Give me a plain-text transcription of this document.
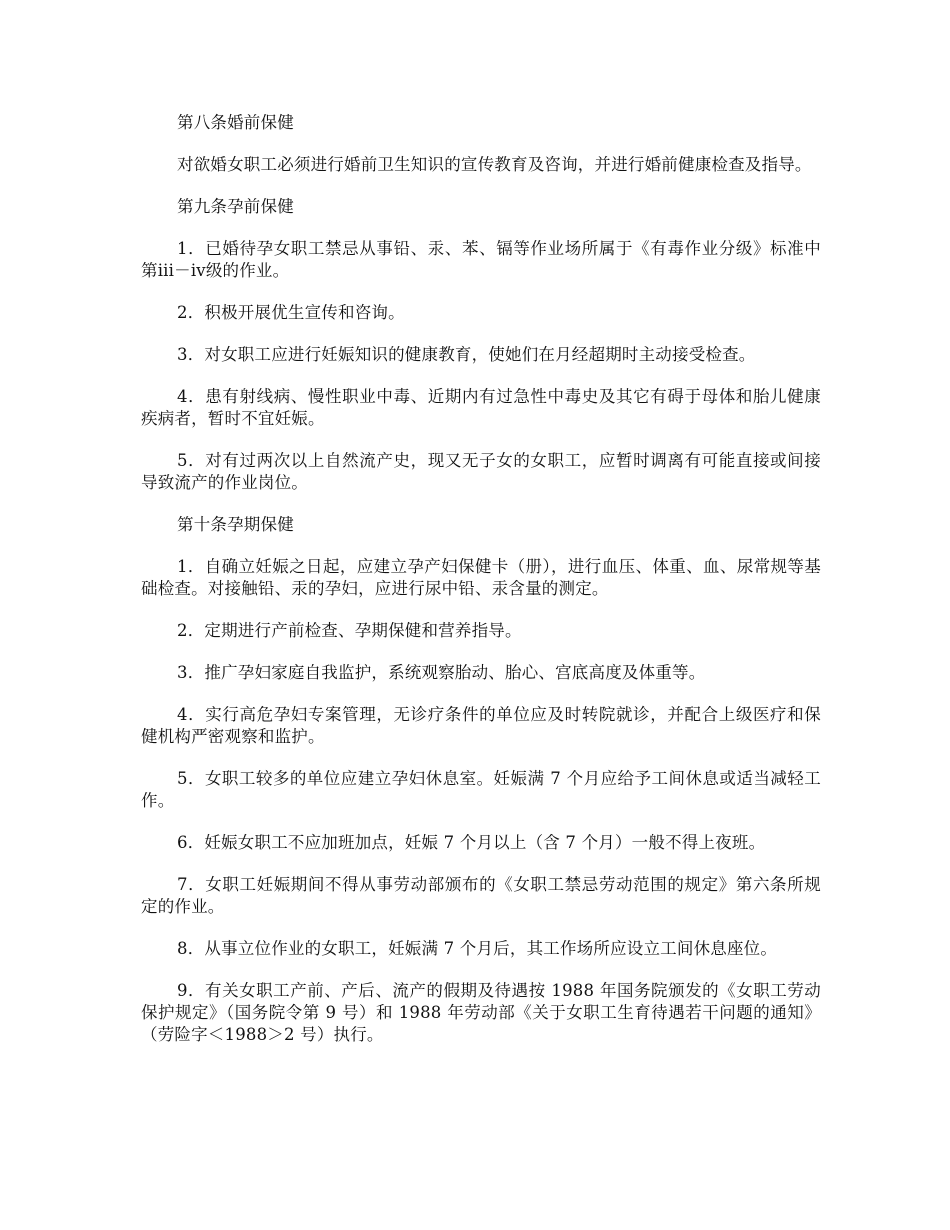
第八条婚前保健

对欲婚女职工必须进行婚前卫生知识的宣传教育及咨询，并进行婚前健康检查及指导。

第九条孕前保健

1．已婚待孕女职工禁忌从事铅、汞、苯、镉等作业场所属于《有毒作业分级》标准中第iii－iv级的作业。

2．积极开展优生宣传和咨询。

3．对女职工应进行妊娠知识的健康教育，使她们在月经超期时主动接受检查。

4．患有射线病、慢性职业中毒、近期内有过急性中毒史及其它有碍于母体和胎儿健康疾病者，暂时不宜妊娠。

5．对有过两次以上自然流产史，现又无子女的女职工，应暂时调离有可能直接或间接导致流产的作业岗位。

第十条孕期保健

1．自确立妊娠之日起，应建立孕产妇保健卡（册），进行血压、体重、血、尿常规等基础检查。对接触铅、汞的孕妇，应进行尿中铅、汞含量的测定。

2．定期进行产前检查、孕期保健和营养指导。

3．推广孕妇家庭自我监护，系统观察胎动、胎心、宫底高度及体重等。

4．实行高危孕妇专案管理，无诊疗条件的单位应及时转院就诊，并配合上级医疗和保健机构严密观察和监护。

5．女职工较多的单位应建立孕妇休息室。妊娠满 7 个月应给予工间休息或适当减轻工作。

6．妊娠女职工不应加班加点，妊娠 7 个月以上（含 7 个月）一般不得上夜班。

7．女职工妊娠期间不得从事劳动部颁布的《女职工禁忌劳动范围的规定》第六条所规定的作业。

8．从事立位作业的女职工，妊娠满 7 个月后，其工作场所应设立工间休息座位。

9．有关女职工产前、产后、流产的假期及待遇按 1988 年国务院颁发的《女职工劳动保护规定》（国务院令第 9 号）和 1988 年劳动部《关于女职工生育待遇若干问题的通知》（劳险字＜1988＞2 号）执行。
